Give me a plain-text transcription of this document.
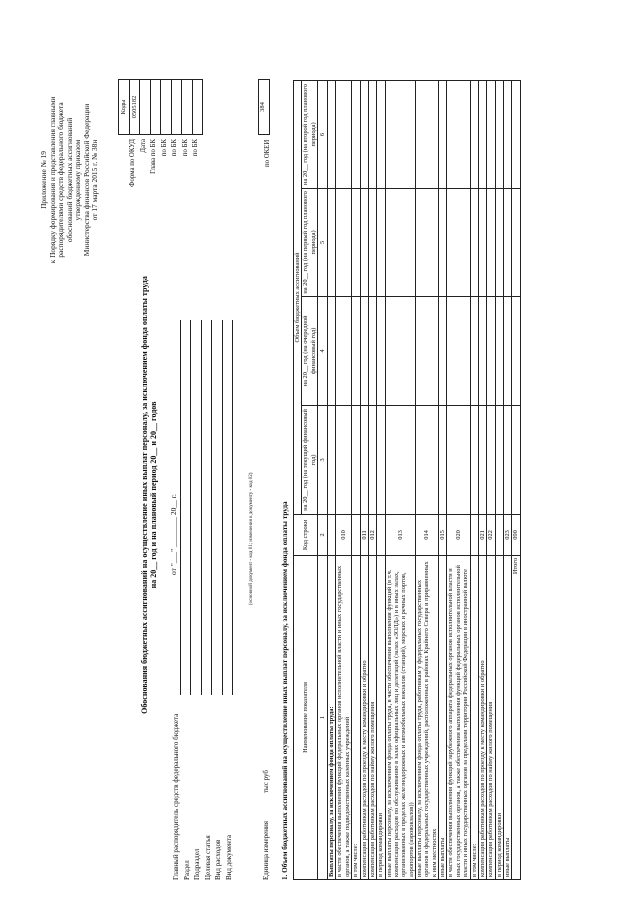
Приложение № 19 к Порядку формирования и представления главными распорядителями средств федерального бюджета обоснований бюджетных ассигнований утвержденному приказом Министерства финансов Российской Федерации от 17 марта 2015 г. № 38н
Обоснования бюджетных ассигнований на осуществление иных выплат персоналу, за исключением фонда оплаты труда на 20__ год и на плановый период 20__ и 20__ годов от "___" ________ 20__ г.
Форма по ОКУД Дата Глава по БК по БК по БК по БК по БК
Коды
0505182

Главный распорядитель средств федерального бюджета Раздел Подраздел Целевая статья Вид расходов Вид документа
(основной документ - код 01; изменения к документу - код 02)
Единица измерениятыс руб
по ОКЕИ
384
1. Объем бюджетных ассигнований на осуществление иных выплат персоналу, за исключением фонда оплаты труда Наименование показателя	Код строки	Объем бюджетных ассигнований			
		на 20__ год (на текущий финансовый год)	на 20__ год (на очередной финансовый год)	на 20__ год (на первый год планового периода)	на 20__ год (на второй год планового периода)
1	2	3	4	5	6
Выплаты персоналу, за исключением фонда оплаты труда:					
в части обеспечения выполнения функций федеральных органов исполнительной власти и иных государственных органов, а также подведомственных казенных учреждений	010				
в том числе:					
компенсация работникам расходов по проезду к месту командировки и обратно	011				
компенсация работникам расходов по найму жилого помещения	012				
в период командировки					
иные выплаты персоналу, за исключением фонда оплаты труда, в части обеспечения выполнения функций (в т.ч. компенсация расходов по обслуживанию в залах официальных лиц и делегаций (залах «ЗОЛД») и в иных залах, организованных в пределах железнодорожных и автомобильных вокзалов (станций), морских и речных портов, аэропортов (аэровокзалов))	013				
иные выплаты персоналу, за исключением фонда оплаты труда, работникам у федеральных государственных органов и федеральных государственных учреждений, расположенных в районах Крайнего Севера и приравненных к ним местностях	014				
иные выплаты	015				
в части обеспечения выполнения функций зарубежного аппарата федеральных органов исполнительной власти и иных государственных органов, а также обеспечения выполнения функций федеральных органов исполнительной власти и иных государственных органов за пределами территории Российской Федерации в иностранной валюте	020				
в том числе:					
компенсация работникам расходов по проезду к месту командировки и обратно	021				
компенсация работникам расходов по найму жилого помещения	022				
в период командировки					
иные выплаты	023				
Итого	090				
